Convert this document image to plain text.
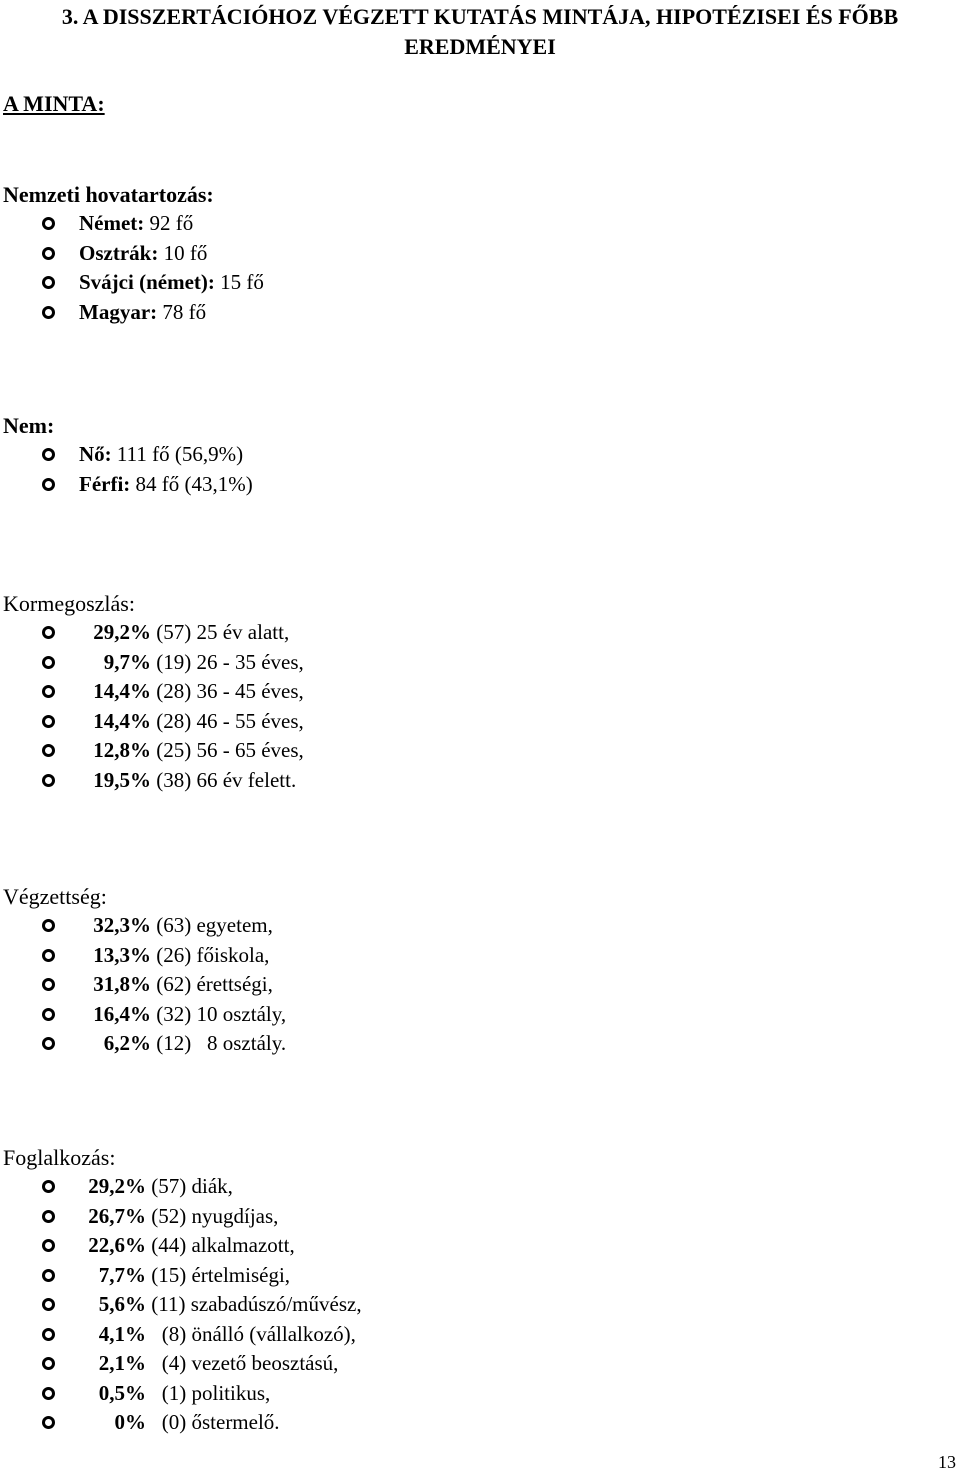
3. A DISSZERTÁCIÓHOZ VÉGZETT KUTATÁS MINTÁJA, HIPOTÉZISEI ÉS FŐBB
EREDMÉNYEI
A MINTA:
Nemzeti hovatartozás:
Német: 92 fő
Osztrák: 10 fő
Svájci (német): 15 fő
Magyar: 78 fő
Nem:
Nő: 111 fő (56,9%)
Férfi: 84 fő (43,1%)
Kormegoszlás:
29,2% (57) 25 év alatt,
9,7% (19) 26 - 35 éves,
14,4% (28) 36 - 45 éves,
14,4% (28) 46 - 55 éves,
12,8% (25) 56 - 65 éves,
19,5% (38) 66 év felett.
Végzettség:
32,3% (63) egyetem,
13,3% (26) főiskola,
31,8% (62) érettségi,
16,4% (32) 10 osztály,
6,2% (12)   8 osztály.
Foglalkozás:
29,2% (57) diák,
26,7% (52) nyugdíjas,
22,6% (44) alkalmazott,
7,7% (15) értelmiségi,
5,6% (11) szabadúszó/művész,
4,1% (8) önálló (vállalkozó),
2,1% (4) vezető beosztású,
0,5% (1) politikus,
0% (0) őstermelő.
13
